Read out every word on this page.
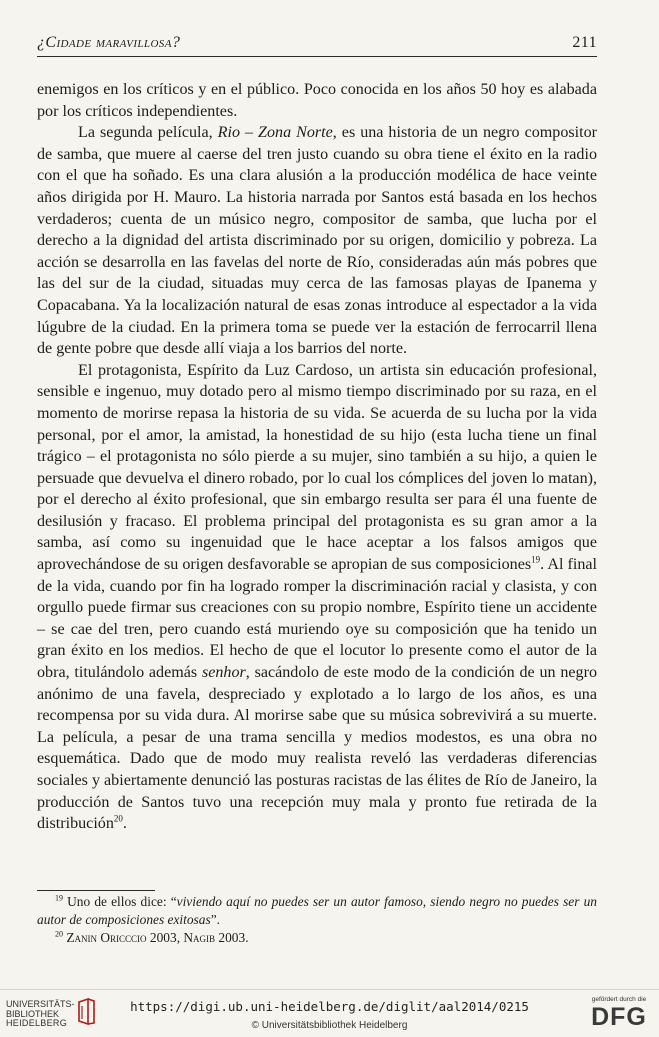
¿Cidade maravillosa?	211

enemigos en los críticos y en el público. Poco conocida en los años 50 hoy es alabada por los críticos independientes.

La segunda película, Rio – Zona Norte, es una historia de un negro compositor de samba, que muere al caerse del tren justo cuando su obra tiene el éxito en la radio con el que ha soñado. Es una clara alusión a la producción modélica de hace veinte años dirigida por H. Mauro. La historia narrada por Santos está basada en los hechos verdaderos; cuenta de un músico negro, compositor de samba, que lucha por el derecho a la dignidad del artista discriminado por su origen, domicilio y pobreza. La acción se desarrolla en las favelas del norte de Río, consideradas aún más pobres que las del sur de la ciudad, situadas muy cerca de las famosas playas de Ipanema y Copacabana. Ya la localización natural de esas zonas introduce al espectador a la vida lúgubre de la ciudad. En la primera toma se puede ver la estación de ferrocarril llena de gente pobre que desde allí viaja a los barrios del norte.

El protagonista, Espírito da Luz Cardoso, un artista sin educación profesional, sensible e ingenuo, muy dotado pero al mismo tiempo discriminado por su raza, en el momento de morirse repasa la historia de su vida. Se acuerda de su lucha por la vida personal, por el amor, la amistad, la honestidad de su hijo (esta lucha tiene un final trágico – el protagonista no sólo pierde a su mujer, sino también a su hijo, a quien le persuade que devuelva el dinero robado, por lo cual los cómplices del joven lo matan), por el derecho al éxito profesional, que sin embargo resulta ser para él una fuente de desilusión y fracaso. El problema principal del protagonista es su gran amor a la samba, así como su ingenuidad que le hace aceptar a los falsos amigos que aprovechándose de su origen desfavorable se apropian de sus composiciones$^{19}$. Al final de la vida, cuando por fin ha logrado romper la discriminación racial y clasista, y con orgullo puede firmar sus creaciones con su propio nombre, Espírito tiene un accidente – se cae del tren, pero cuando está muriendo oye su composición que ha tenido un gran éxito en los medios. El hecho de que el locutor lo presente como el autor de la obra, titulándolo además senhor, sacándolo de este modo de la condición de un negro anónimo de una favela, despreciado y explotado a lo largo de los años, es una recompensa por su vida dura. Al morirse sabe que su música sobrevivirá a su muerte. La película, a pesar de una trama sencilla y medios modestos, es una obra no esquemática. Dado que de modo muy realista reveló las verdaderas diferencias sociales y abiertamente denunció las posturas racistas de las élites de Río de Janeiro, la producción de Santos tuvo una recepción muy mala y pronto fue retirada de la distribución$^{20}$.

$^{19}$ Uno de ellos dice: “viviendo aquí no puedes ser un autor famoso, siendo negro no puedes ser un autor de composiciones exitosas”.

$^{20}$ Zanin Oricccio 2003, Nagib 2003.

UNIVERSITÄTS-
BIBLIOTHEK
HEIDELBERG
https://digi.ub.uni-heidelberg.de/diglit/aal2014/0215
© Universitätsbibliothek Heidelberg
gefördert durch die
DFG
